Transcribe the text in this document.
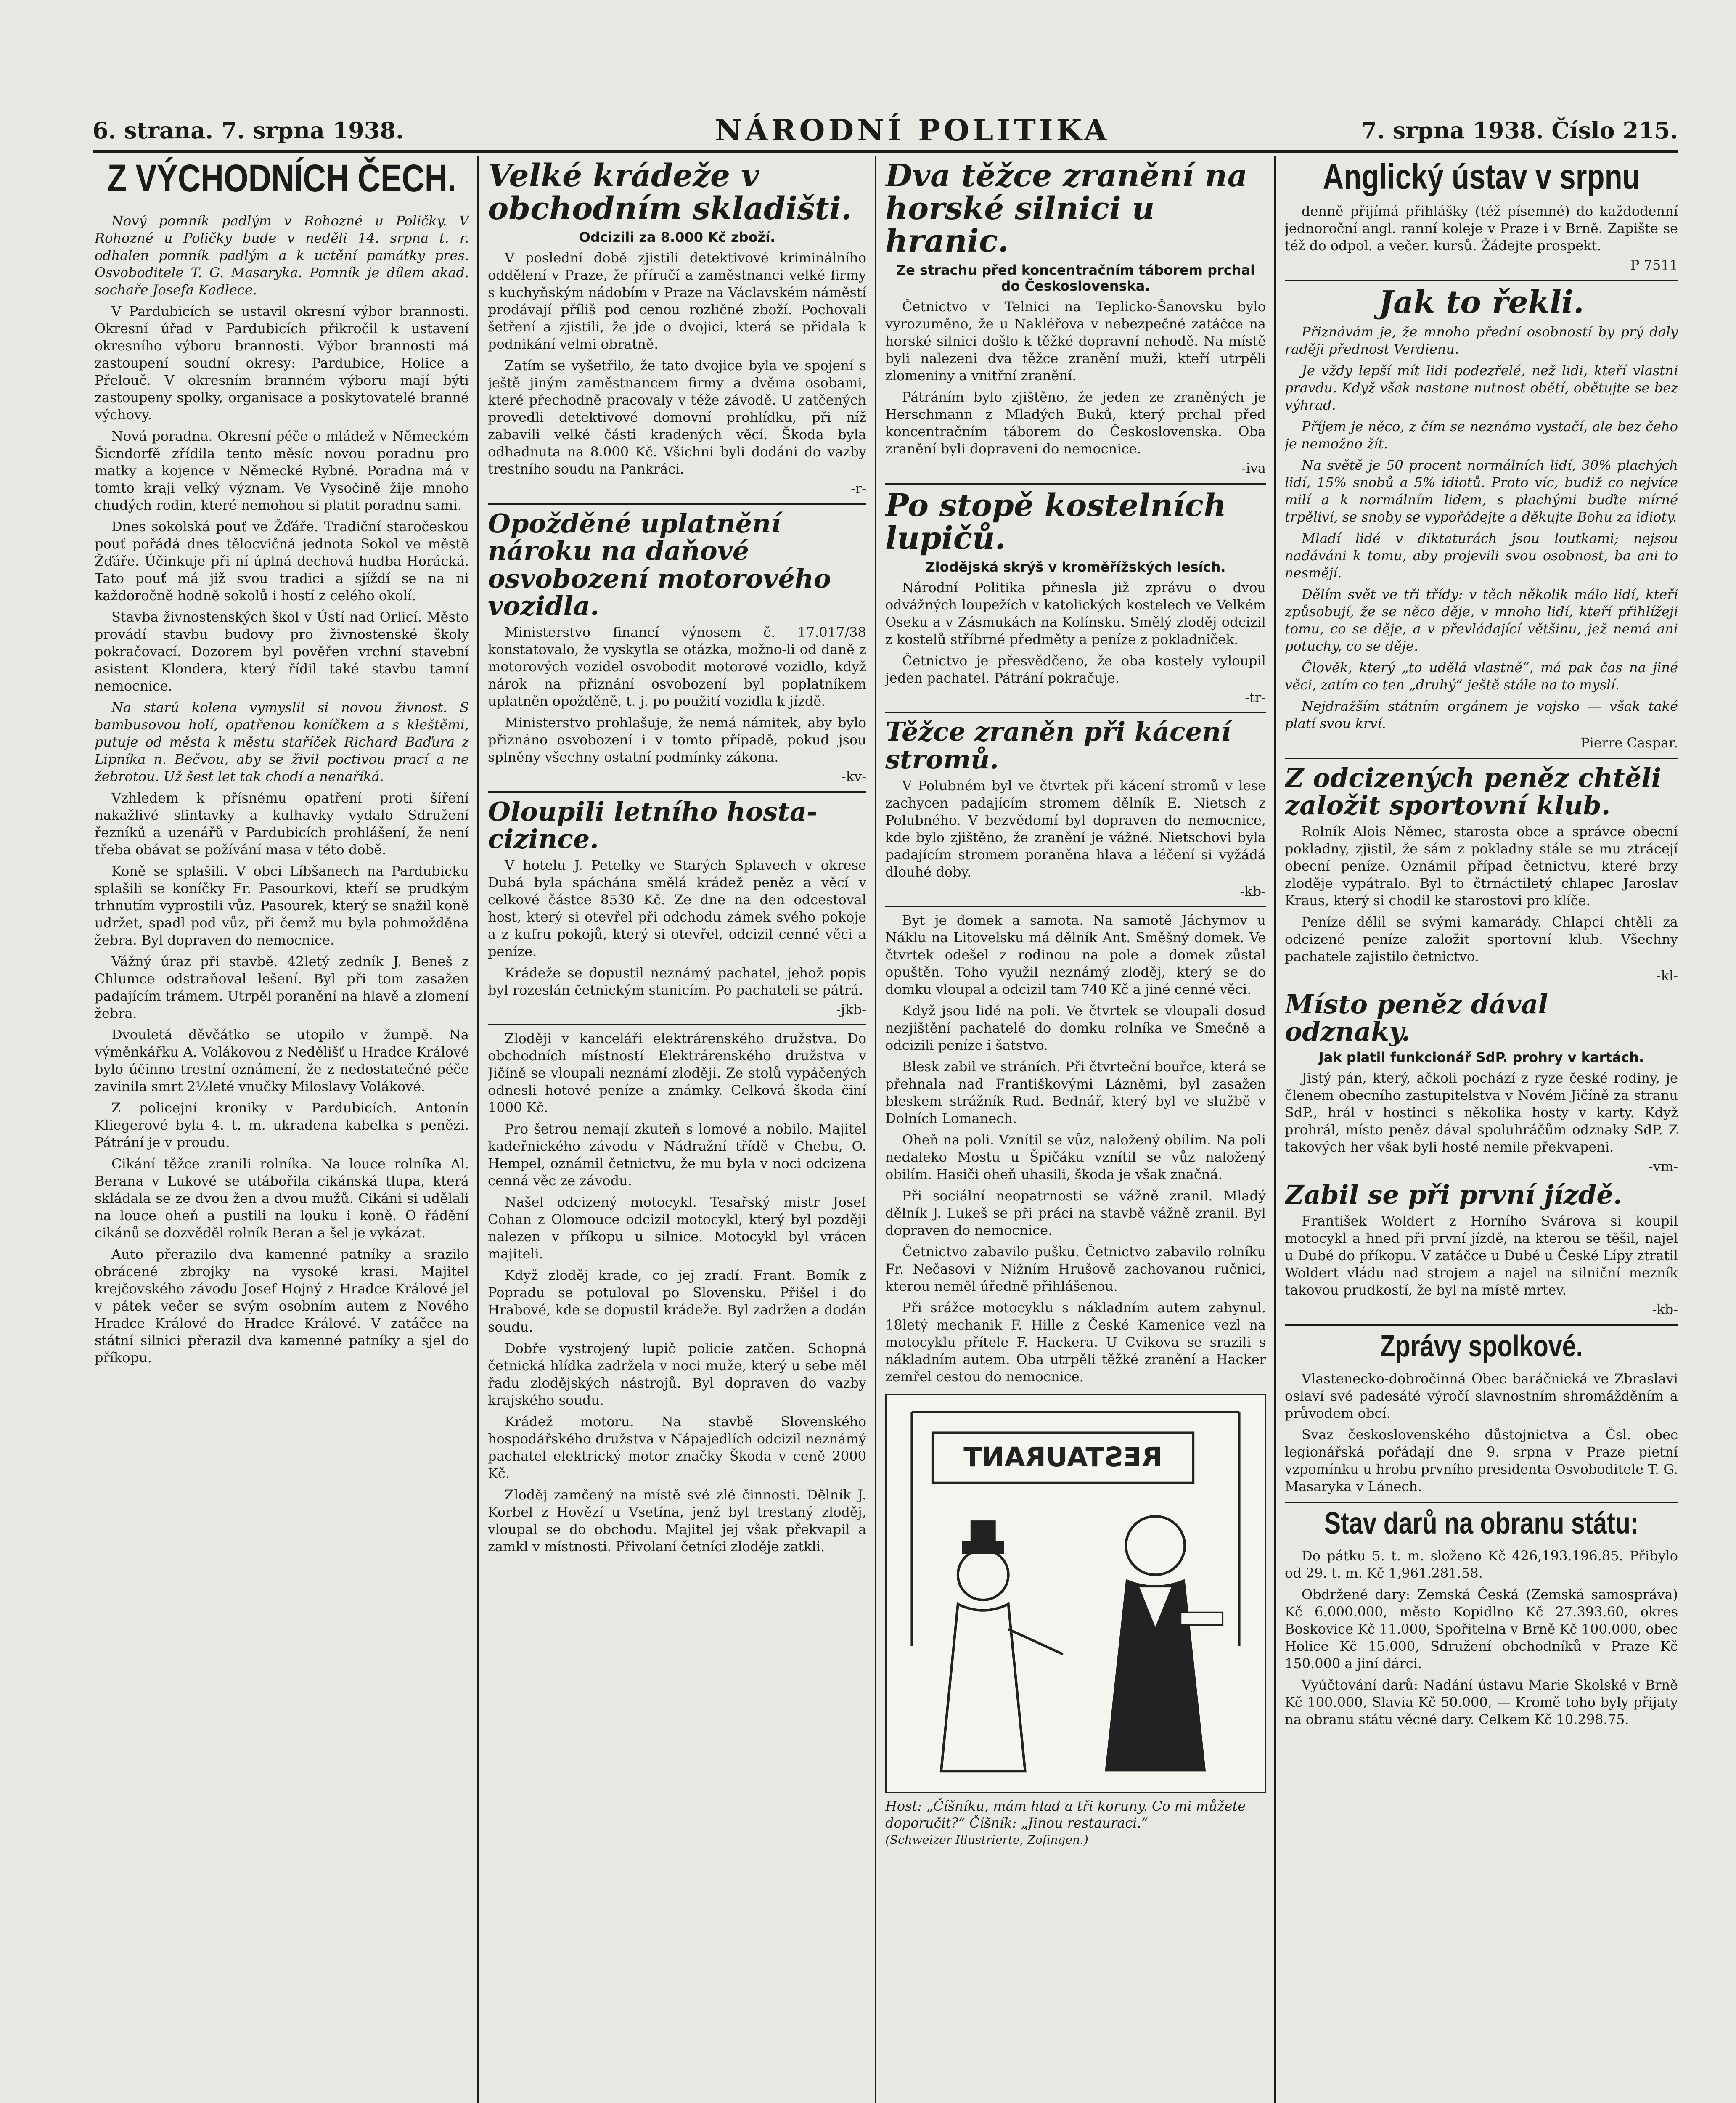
6. strana. 7. srpna 1938.	NÁRODNÍ POLITIKA	7. srpna 1938. Číslo 215.
Z VÝCHODNÍCH ČECH.

Nový pomník padlým v Rohozné u Poličky. V Rohozné u Poličky bude v neděli 14. srpna t. r. odhalen pomník padlým a k uctění památky pres. Osvoboditele T. G. Masaryka. Pomník je dílem akad. sochaře Josefa Kadlece.

V Pardubicích se ustavil okresní výbor brannosti. Okresní úřad v Pardubicích přikročil k ustavení okresního výboru brannosti. Výbor brannosti má zastoupení soudní okresy: Pardubice, Holice a Přelouč. V okresním branném výboru mají býti zastoupeny spolky, organisace a poskytovatelé branné výchovy.

Nová poradna. Okresní péče o mládež v Německém Šicndorfě zřídila tento měsíc novou poradnu pro matky a kojence v Německé Rybné. Poradna má v tomto kraji velký význam. Ve Vysočině žije mnoho chudých rodin, které nemohou si platit poradnu sami.

Dnes sokolská pouť ve Žďáře. Tradiční staročeskou pouť pořádá dnes tělocvičná jednota Sokol ve městě Žďáře. Účinkuje při ní úplná dechová hudba Horácká. Tato pouť má již svou tradici a sjíždí se na ni každoročně hodně sokolů i hostí z celého okolí.

Stavba živnostenských škol v Ústí nad Orlicí. Město provádí stavbu budovy pro živnostenské školy pokračovací. Dozorem byl pověřen vrchní stavební asistent Klondera, který řídil také stavbu tamní nemocnice.

Na starú kolena vymyslil si novou živnost. S bambusovou holí, opatřenou koníčkem a s kleštěmi, putuje od města k městu staříček Richard Baďura z Lipníka n. Bečvou, aby se živil poctivou prací a ne žebrotou. Už šest let tak chodí a nenaříká.

Vzhledem k přísnému opatření proti šíření nakažlivé slintavky a kulhavky vydalo Sdružení řezníků a uzenářů v Pardubicích prohlášení, že není třeba obávat se požívání masa v této době.

Koně se splašili. V obci Líbšanech na Pardubicku splašili se koníčky Fr. Pasourkovi, kteří se prudkým trhnutím vyprostili vůz. Pasourek, který se snažil koně udržet, spadl pod vůz, při čemž mu byla pohmožděna žebra. Byl dopraven do nemocnice.

Vážný úraz při stavbě. 42letý zedník J. Beneš z Chlumce odstraňoval lešení. Byl při tom zasažen padajícím trámem. Utrpěl poranění na hlavě a zlomení žebra.

Dvouletá děvčátko se utopilo v žumpě. Na výměnkářku A. Volákovou z Nedělišť u Hradce Králové bylo účinno trestní oznámení, že z nedostatečné péče zavinila smrt 2½leté vnučky Miloslavy Volákové.

Z policejní kroniky v Pardubicích. Antonín Kliegerové byla 4. t. m. ukradena kabelka s penězi. Pátrání je v proudu.

Cikání těžce zranili rolníka. Na louce rolníka Al. Berana v Lukové se utábořila cikánská tlupa, která skládala se ze dvou žen a dvou mužů. Cikáni si udělali na louce oheň a pustili na louku i koně. O řádění cikánů se dozvěděl rolník Beran a šel je vykázat.

Auto přerazilo dva kamenné patníky a srazilo obrácené zbrojky na vysoké krasi. Majitel krejčovského závodu Josef Hojný z Hradce Králové jel v pátek večer se svým osobním autem z Nového Hradce Králové do Hradce Králové. V zatáčce na státní silnici přerazil dva kamenné patníky a sjel do příkopu.

Velké krádeže v obchodním skladišti.
Odcizili za 8.000 Kč zboží.

V poslední době zjistili detektivové kriminálního oddělení v Praze, že příručí a zaměstnanci velké firmy s kuchyňským nádobím v Praze na Václavském náměstí prodávají příliš pod cenou rozličné zboží. Pochovali šetření a zjistili, že jde o dvojici, která se přidala k podnikání velmi obratně.

Zatím se vyšetřilo, že tato dvojice byla ve spojení s ještě jiným zaměstnancem firmy a dvěma osobami, které přechodně pracovaly v téže závodě. U zatčených provedli detektivové domovní prohlídku, při níž zabavili velké části kradených věcí. Škoda byla odhadnuta na 8.000 Kč. Všichni byli dodáni do vazby trestního soudu na Pankráci.

-r-
Opožděné uplatnění nároku na daňové osvobození motorového vozidla.

Ministerstvo financí výnosem č. 17.017/38 konstatovalo, že vyskytla se otázka, možno-li od daně z motorových vozidel osvobodit motorové vozidlo, když nárok na přiznání osvobození byl poplatníkem uplatněn opožděně, t. j. po použití vozidla k jízdě.

Ministerstvo prohlašuje, že nemá námitek, aby bylo přiznáno osvobození i v tomto případě, pokud jsou splněny všechny ostatní podmínky zákona.

-kv-
Oloupili letního hosta-cizince.

V hotelu J. Petelky ve Starých Splavech v okrese Dubá byla spáchána smělá krádež peněz a věcí v celkové částce 8530 Kč. Ze dne na den odcestoval host, který si otevřel při odchodu zámek svého pokoje a z kufru pokojů, který si otevřel, odcizil cenné věci a peníze.

Krádeže se dopustil neznámý pachatel, jehož popis byl rozeslán četnickým stanicím. Po pachateli se pátrá.

-jkb-

Zloději v kanceláři elektrárenského družstva. Do obchodních místností Elektrárenského družstva v Jičíně se vloupali neznámí zloději. Ze stolů vypáčených odnesli hotové peníze a známky. Celková škoda činí 1000 Kč.

Pro šetrou nemají zkuteň s lomové a nobilo. Majitel kadeřnického závodu v Nádražní třídě v Chebu, O. Hempel, oznámil četnictvu, že mu byla v noci odcizena cenná věc ze závodu.

Našel odcizený motocykl. Tesařský mistr Josef Cohan z Olomouce odcizil motocykl, který byl později nalezen v příkopu u silnice. Motocykl byl vrácen majiteli.

Když zloděj krade, co jej zradí. Frant. Bomík z Popradu se potuloval po Slovensku. Přišel i do Hrabové, kde se dopustil krádeže. Byl zadržen a dodán soudu.

Dobře vystrojený lupič policie zatčen. Schopná četnická hlídka zadržela v noci muže, který u sebe měl řadu zlodějských nástrojů. Byl dopraven do vazby krajského soudu.

Krádež motoru. Na stavbě Slovenského hospodářského družstva v Nápajedlích odcizil neznámý pachatel elektrický motor značky Škoda v ceně 2000 Kč.

Zloděj zamčený na místě své zlé činnosti. Dělník J. Korbel z Hovězí u Vsetína, jenž byl trestaný zloděj, vloupal se do obchodu. Majitel jej však překvapil a zamkl v místnosti. Přivolaní četníci zloděje zatkli.

Dva těžce zranění na horské silnici u hranic.
Ze strachu před koncentračním táborem prchal do Československa.

Četnictvo v Telnici na Teplicko-Šanovsku bylo vyrozuměno, že u Nakléřova v nebezpečné zatáčce na horské silnici došlo k těžké dopravní nehodě. Na místě byli nalezeni dva těžce zranění muži, kteří utrpěli zlomeniny a vnitřní zranění.

Pátráním bylo zjištěno, že jeden ze zraněných je Herschmann z Mladých Buků, který prchal před koncentračním táborem do Československa. Oba zranění byli dopraveni do nemocnice.

-iva
Po stopě kostelních lupičů.
Zlodějská skrýš v kroměřížských lesích.

Národní Politika přinesla již zprávu o dvou odvážných loupežích v katolických kostelech ve Velkém Oseku a v Zásmukách na Kolínsku. Smělý zloděj odcizil z kostelů stříbrné předměty a peníze z pokladniček.

Četnictvo je přesvědčeno, že oba kostely vyloupil jeden pachatel. Pátrání pokračuje.

-tr-
Těžce zraněn při kácení stromů.

V Polubném byl ve čtvrtek při kácení stromů v lese zachycen padajícím stromem dělník E. Nietsch z Polubného. V bezvědomí byl dopraven do nemocnice, kde bylo zjištěno, že zranění je vážné. Nietschovi byla padajícím stromem poraněna hlava a léčení si vyžádá dlouhé doby.

-kb-

Byt je domek a samota. Na samotě Jáchymov u Náklu na Litovelsku má dělník Ant. Směšný domek. Ve čtvrtek odešel z rodinou na pole a domek zůstal opuštěn. Toho využil neznámý zloděj, který se do domku vloupal a odcizil tam 740 Kč a jiné cenné věci.

Když jsou lidé na poli. Ve čtvrtek se vloupali dosud nezjištění pachatelé do domku rolníka ve Smečně a odcizili peníze i šatstvo.

Blesk zabil ve stráních. Při čtvrteční bouřce, která se přehnala nad Františkovými Lázněmi, byl zasažen bleskem strážník Rud. Bednář, který byl ve službě v Dolních Lomanech.

Oheň na poli. Vznítil se vůz, naložený obilím. Na poli nedaleko Mostu u Špičáku vznítil se vůz naložený obilím. Hasiči oheň uhasili, škoda je však značná.

Při sociální neopatrnosti se vážně zranil. Mladý dělník J. Lukeš se při práci na stavbě vážně zranil. Byl dopraven do nemocnice.

Četnictvo zabavilo pušku. Četnictvo zabavilo rolníku Fr. Nečasovi v Nižním Hrušově zachovanou ručnici, kterou neměl úředně přihlášenou.

Při srážce motocyklu s nákladním autem zahynul. 18letý mechanik F. Hille z České Kamenice vezl na motocyklu přítele F. Hackera. U Cvikova se srazili s nákladním autem. Oba utrpěli těžké zranění a Hacker zemřel cestou do nemocnice.

RESTAURANT
Host: „Číšníku, mám hlad a tři koruny. Co mi můžete doporučit?“ Číšník: „Jinou restauraci.“
(Schweizer Illustrierte, Zofingen.)
Anglický ústav v srpnu

denně přijímá přihlášky (též písemné) do každodenní jednoroční angl. ranní koleje v Praze i v Brně. Zapište se též do odpol. a večer. kursů. Žádejte prospekt.

P 7511
Jak to řekli.

Přiznávám je, že mnoho přední osobností by prý daly raději přednost Verdienu.

Je vždy lepší mít lidi podezřelé, než lidi, kteří vlastní pravdu. Když však nastane nutnost obětí, obětujte se bez výhrad.

Příjem je něco, z čím se neznámo vystačí, ale bez čeho je nemožno žít.

Na světě je 50 procent normálních lidí, 30% plachých lidí, 15% snobů a 5% idiotů. Proto víc, budiž co nejvíce milí a k normálním lidem, s plachými buďte mírné trpěliví, se snoby se vypořádejte a děkujte Bohu za idioty.

Mladí lidé v diktaturách jsou loutkami; nejsou nadáváni k tomu, aby projevili svou osobnost, ba ani to nesmějí.

Dělím svět ve tři třídy: v těch několik málo lidí, kteří způsobují, že se něco děje, v mnoho lidí, kteří přihlížejí tomu, co se děje, a v převládající většinu, jež nemá ani potuchy, co se děje.

Člověk, který „to udělá vlastně“, má pak čas na jiné věci, zatím co ten „druhý“ ještě stále na to myslí.

Nejdražším státním orgánem je vojsko — však také platí svou krví.

Pierre Caspar.
Z odcizených peněz chtěli založit sportovní klub.

Rolník Alois Němec, starosta obce a správce obecní pokladny, zjistil, že sám z pokladny stále se mu ztrácejí obecní peníze. Oznámil případ četnictvu, které brzy zloděje vypátralo. Byl to čtrnáctiletý chlapec Jaroslav Kraus, který si chodil ke starostovi pro klíče.

Peníze dělil se svými kamarády. Chlapci chtěli za odcizené peníze založit sportovní klub. Všechny pachatele zajistilo četnictvo.

-kl-
Místo peněz dával odznaky.
Jak platil funkcionář SdP. prohry v kartách.

Jistý pán, který, ačkoli pochází z ryze české rodiny, je členem obecního zastupitelstva v Novém Jičíně za stranu SdP., hrál v hostinci s několika hosty v karty. Když prohrál, místo peněz dával spoluhráčům odznaky SdP. Z takových her však byli hosté nemile překvapeni.

-vm-
Zabil se při první jízdě.

František Woldert z Horního Svárova si koupil motocykl a hned při první jízdě, na kterou se těšil, najel u Dubé do příkopu. V zatáčce u Dubé u České Lípy ztratil Woldert vládu nad strojem a najel na silniční mezník takovou prudkostí, že byl na místě mrtev.

-kb-
Zprávy spolkové.

Vlastenecko-dobročinná Obec baráčnická ve Zbraslavi oslaví své padesáté výročí slavnostním shromážděním a průvodem obcí.

Svaz československého důstojnictva a Čsl. obec legionářská pořádají dne 9. srpna v Praze pietní vzpomínku u hrobu prvního presidenta Osvoboditele T. G. Masaryka v Lánech.

Stav darů na obranu státu:

Do pátku 5. t. m. složeno Kč 426,193.196.85. Přibylo od 29. t. m. Kč 1,961.281.58.

Obdržené dary: Zemská Česká (Zemská samospráva) Kč 6.000.000, město Kopidlno Kč 27.393.60, okres Boskovice Kč 11.000, Spořitelna v Brně Kč 100.000, obec Holice Kč 15.000, Sdružení obchodníků v Praze Kč 150.000 a jiní dárci.

Vyúčtování darů: Nadání ústavu Marie Skolské v Brně Kč 100.000, Slavia Kč 50.000, — Kromě toho byly přijaty na obranu státu věcné dary. Celkem Kč 10.298.75.
